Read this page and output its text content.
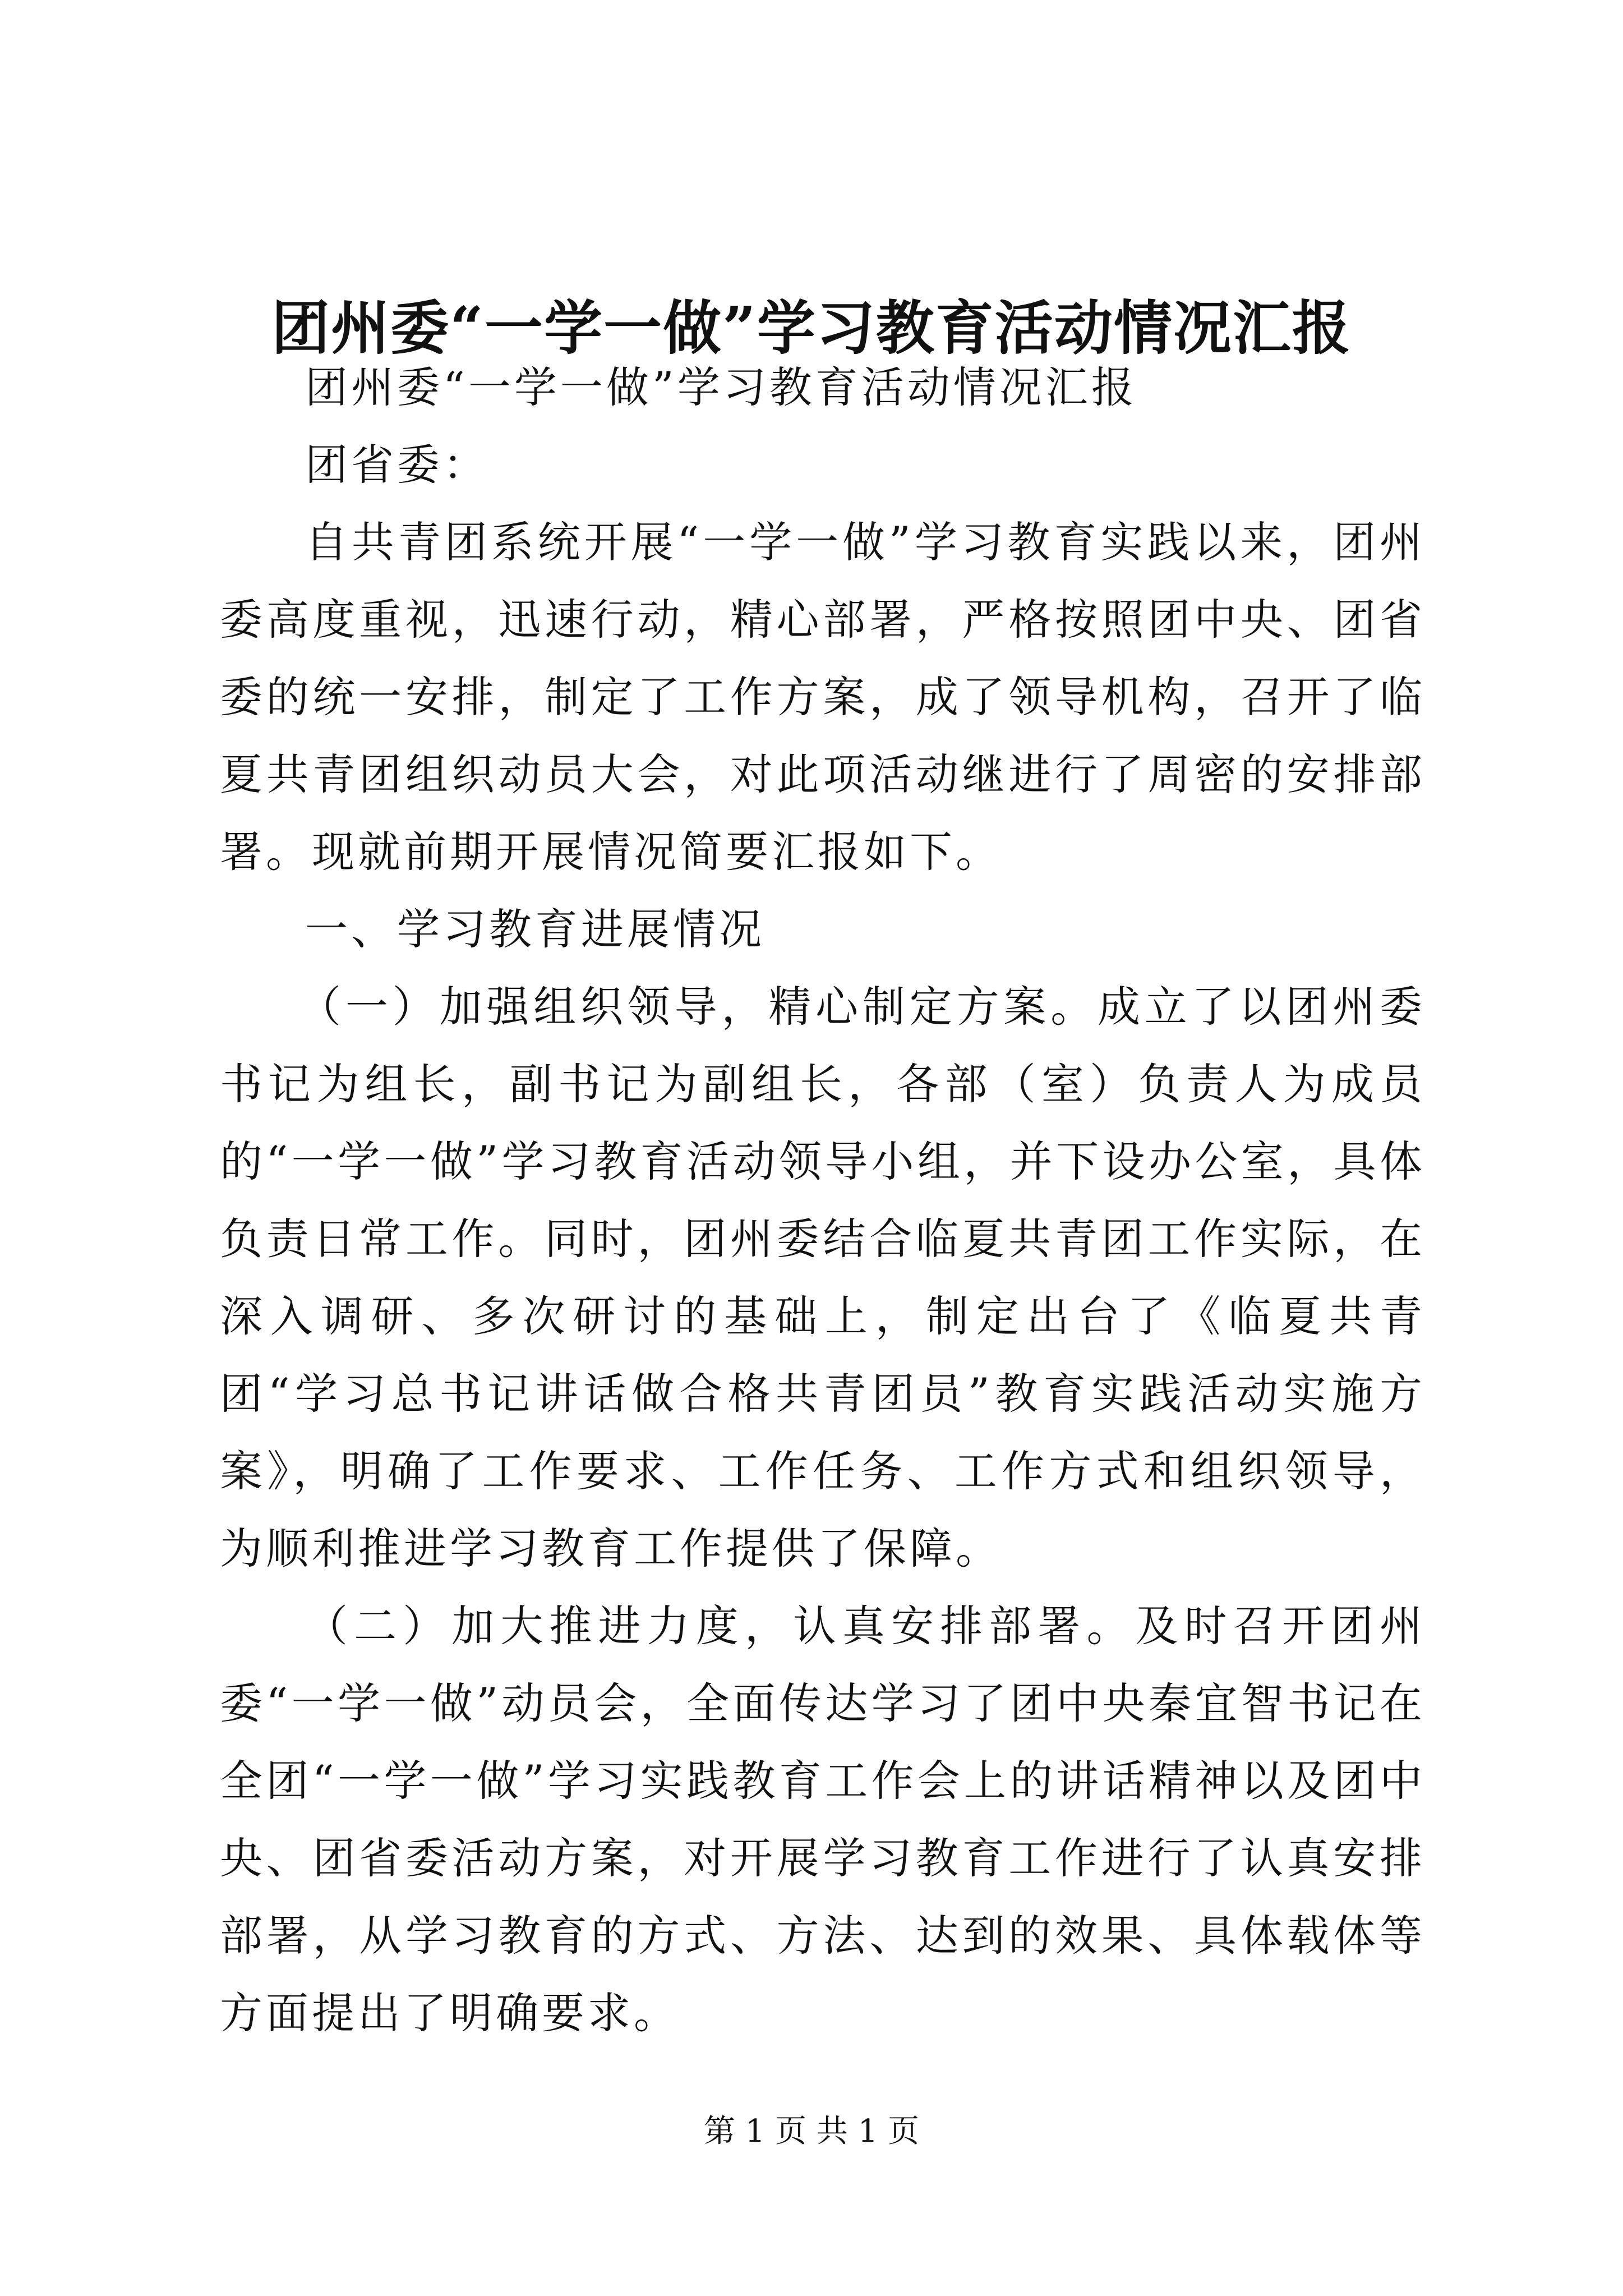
团州委“一学一做”学习教育活动情况汇报

团州委“一学一做”学习教育活动情况汇报

团省委：

自共青团系统开展“一学一做”学习教育实践以来，团州委高度重视，迅速行动，精心部署，严格按照团中央、团省委的统一安排，制定了工作方案，成了领导机构，召开了临夏共青团组织动员大会，对此项活动继进行了周密的安排部署。现就前期开展情况简要汇报如下。

一、学习教育进展情况

（一）加强组织领导，精心制定方案。成立了以团州委书记为组长，副书记为副组长，各部（室）负责人为成员的“一学一做”学习教育活动领导小组，并下设办公室，具体负责日常工作。同时，团州委结合临夏共青团工作实际，在深入调研、多次研讨的基础上，制定出台了《临夏共青团“学习总书记讲话做合格共青团员”教育实践活动实施方案》，明确了工作要求、工作任务、工作方式和组织领导，为顺利推进学习教育工作提供了保障。

（二）加大推进力度，认真安排部署。及时召开团州委“一学一做”动员会，全面传达学习了团中央秦宜智书记在全团“一学一做”学习实践教育工作会上的讲话精神以及团中央、团省委活动方案，对开展学习教育工作进行了认真安排部署，从学习教育的方式、方法、达到的效果、具体载体等方面提出了明确要求。

第 1 页 共 1 页
